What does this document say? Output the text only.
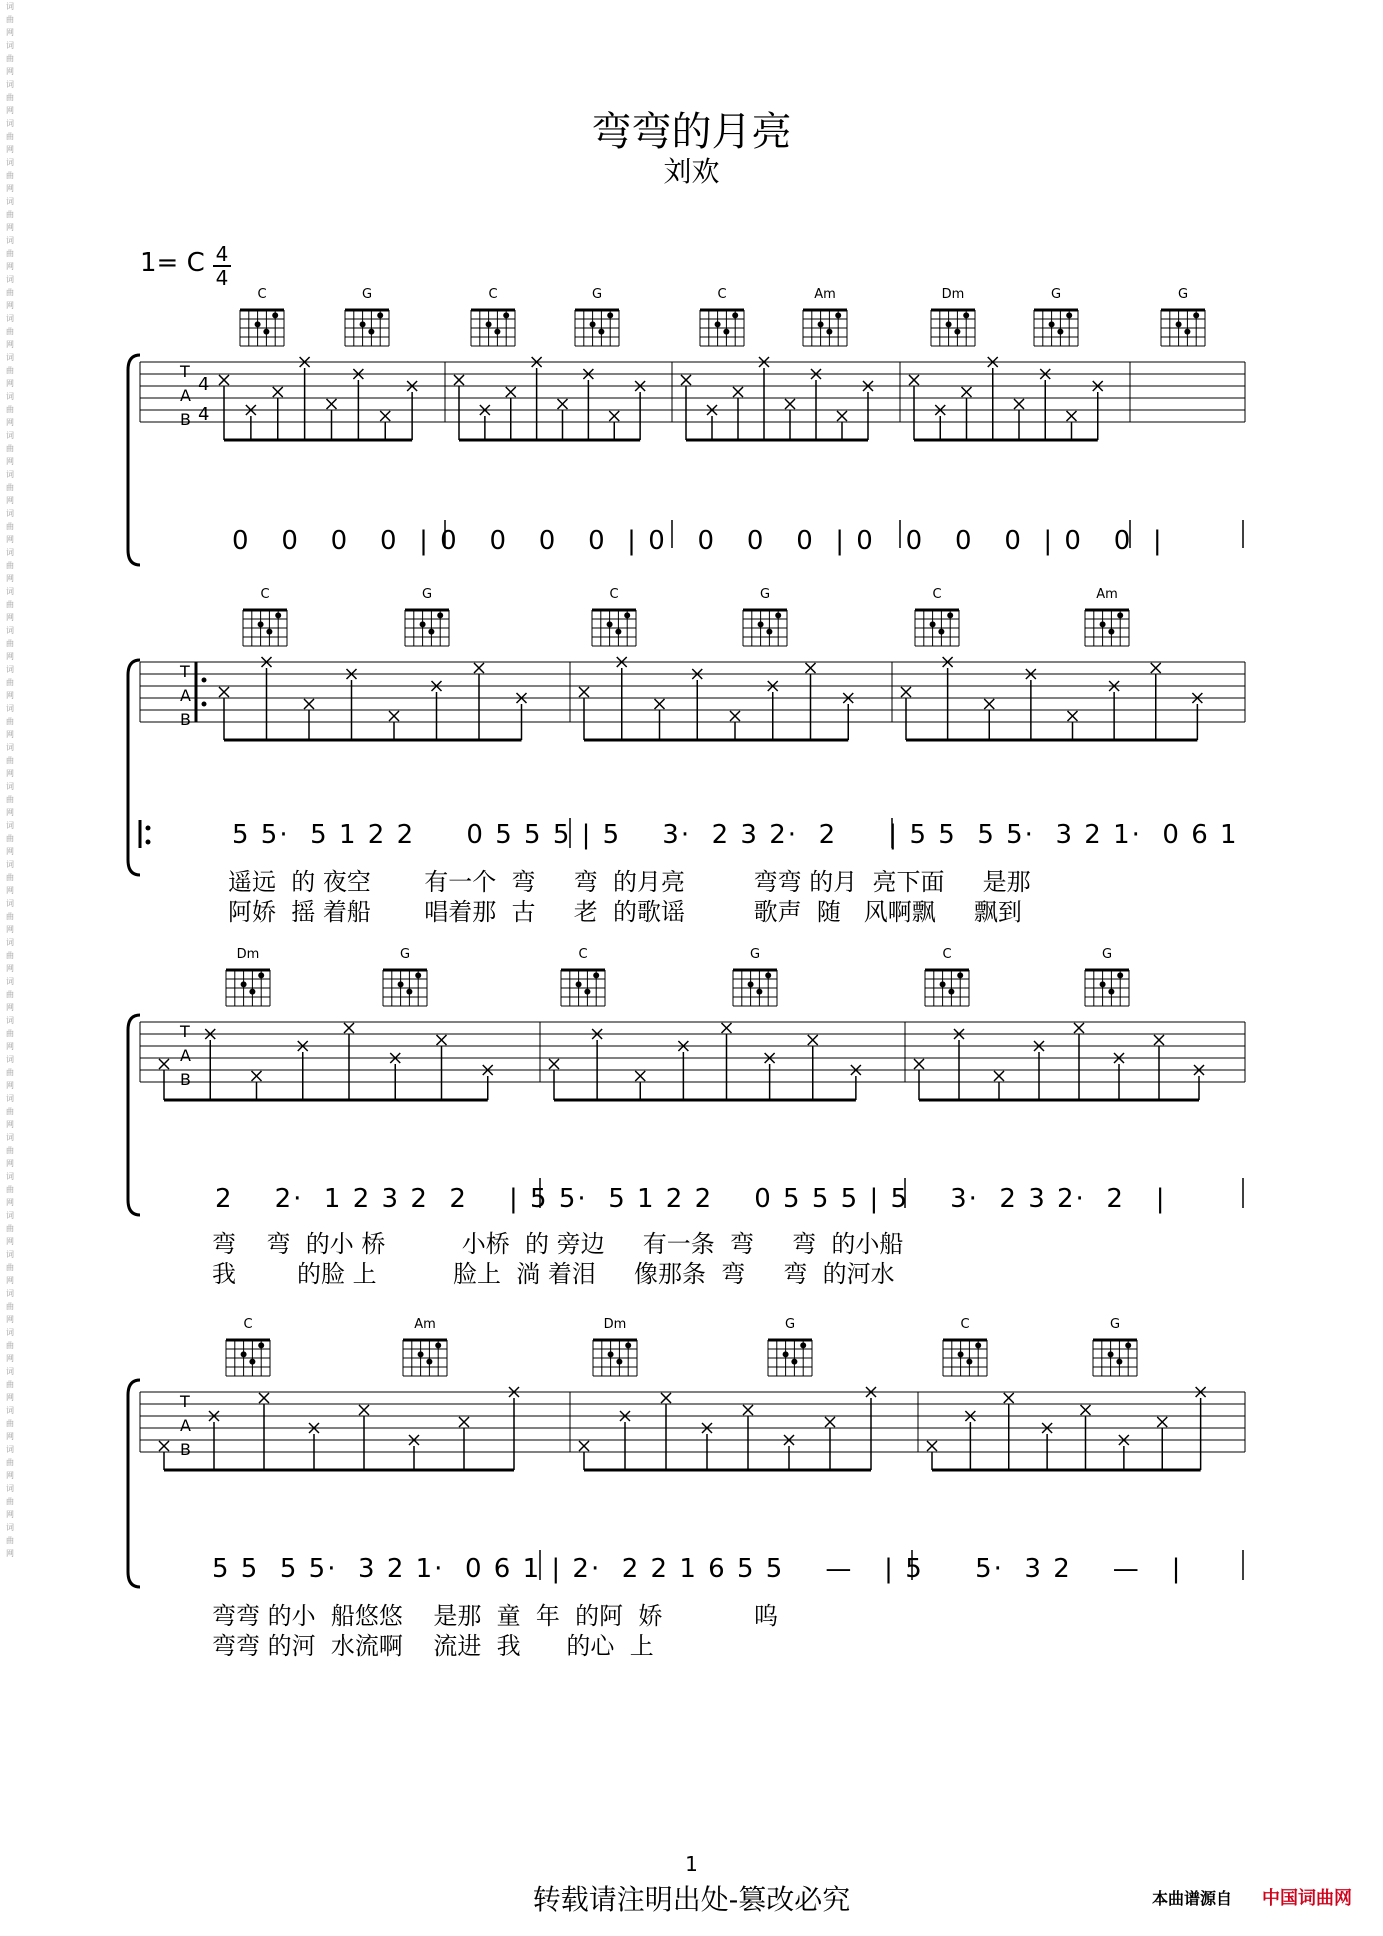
词曲网词曲网词曲网词曲网词曲网词曲网词曲网词曲网词曲网词曲网词曲网词曲网词曲网词曲网词曲网词曲网词曲网词曲网词曲网词曲网词曲网词曲网词曲网词曲网词曲网词曲网词曲网词曲网词曲网词曲网词曲网词曲网词曲网词曲网词曲网词曲网词曲网词曲网词曲网词曲网
弯弯的月亮
刘欢
1= C 4
4
C	G	C	G	C	Am	Dm	G	G
T
A
B
4
4
0   0   0   0  | 0   0   0   0  | 0   0   0   0  | 0   0   0   0  | 0   0  |
C	G	C	G	C	Am
T
A
B
5 5·  5 1 2 2     0 5 5 5 | 5    3·  2 3 2·  2     | 5 5  5 5·  3 2 1·  0 6 1
遥远  的 夜空       有一个  弯     弯  的月亮         弯弯 的月  亮下面     是那
阿娇  摇 着船       唱着那  古     老  的歌谣         歌声  随   风啊飘     飘到
Dm	G	C	G	C	G
T
A
B
2    2·  1 2 3 2  2    | 5 5·  5 1 2 2    0 5 5 5 | 5    3·  2 3 2·  2   |
弯    弯  的小 桥          小桥  的 旁边     有一条  弯     弯  的小船
我        的脸 上          脸上  淌 着泪     像那条  弯     弯  的河水
C	Am	Dm	G	C	G
T
A
B
5 5  5 5·  3 2 1·  0 6 1 | 2·  2 2 1 6 5 5    —   | 5     5·  3 2    —   |
弯弯 的小  船悠悠    是那  童  年  的阿  娇            呜
弯弯 的河  水流啊    流进  我      的心  上
1
转载请注明出处-篡改必究	本曲谱源自 中国词曲网
